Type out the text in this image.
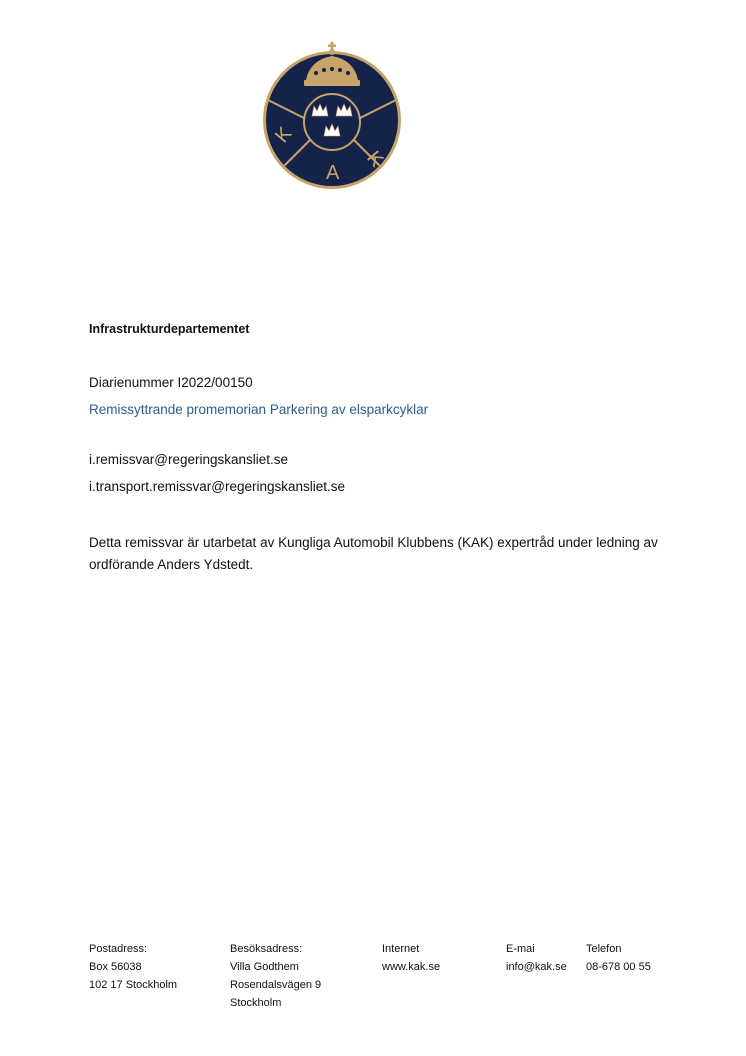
K
A
K
Infrastrukturdepartementet
Diarienummer I2022/00150
Remissyttrande promemorian Parkering av elsparkcyklar
i.remissvar@regeringskansliet.se
i.transport.remissvar@regeringskansliet.se
Detta remissvar är utarbetat av Kungliga Automobil Klubbens (KAK) expertråd under ledning av ordförande Anders Ydstedt.
Postadress:
Box 56038
102 17 Stockholm
Besöksadress:
Villa Godthem
Rosendalsvägen 9
Stockholm
Internet
www.kak.se
E-mai
info@kak.se
Telefon
08-678 00 55
